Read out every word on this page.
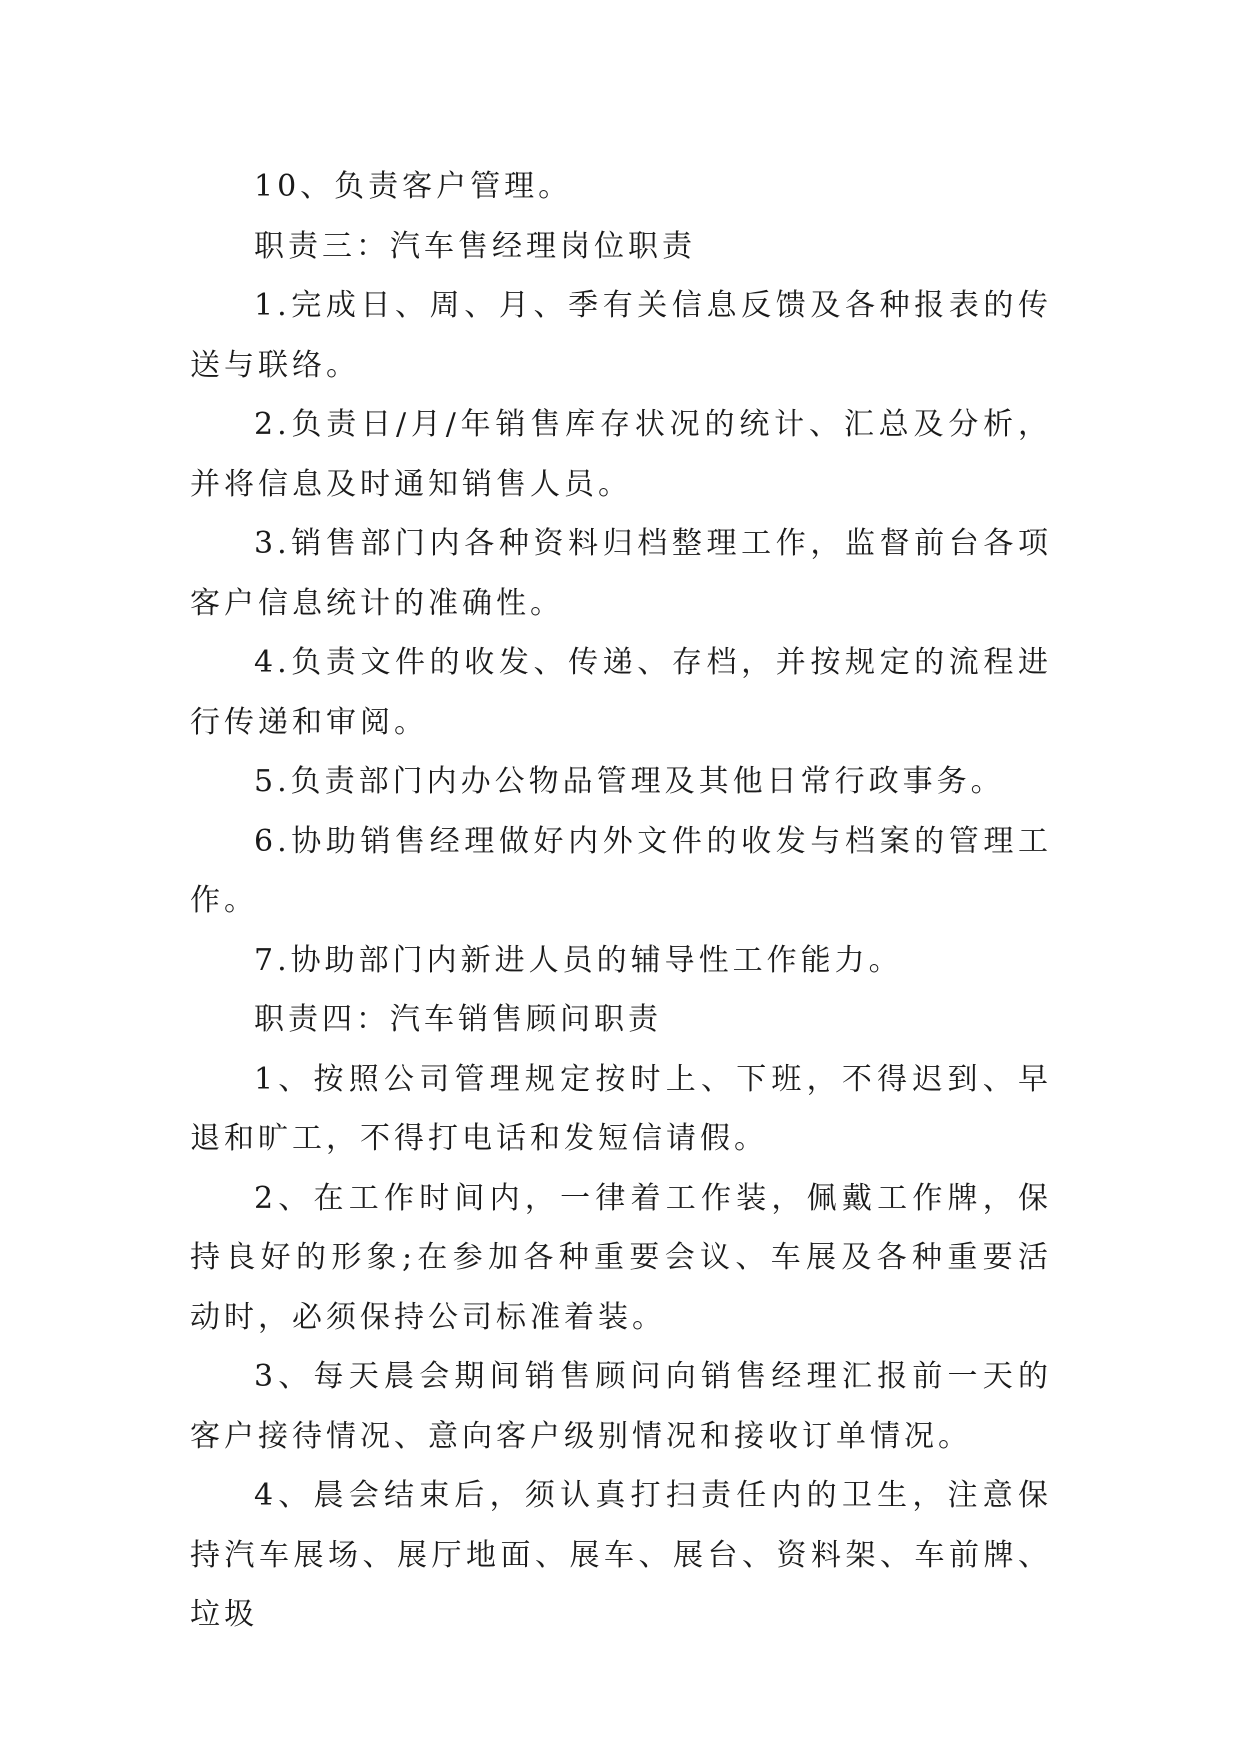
10、负责客户管理。

职责三：汽车售经理岗位职责

1.完成日、周、月、季有关信息反馈及各种报表的传送与联络。

2.负责日/月/年销售库存状况的统计、汇总及分析，并将信息及时通知销售人员。

3.销售部门内各种资料归档整理工作，监督前台各项客户信息统计的准确性。

4.负责文件的收发、传递、存档，并按规定的流程进行传递和审阅。

5.负责部门内办公物品管理及其他日常行政事务。

6.协助销售经理做好内外文件的收发与档案的管理工作。

7.协助部门内新进人员的辅导性工作能力。

职责四：汽车销售顾问职责

1、按照公司管理规定按时上、下班，不得迟到、早退和旷工，不得打电话和发短信请假。

2、在工作时间内，一律着工作装，佩戴工作牌，保持良好的形象;在参加各种重要会议、车展及各种重要活动时，必须保持公司标准着装。

3、每天晨会期间销售顾问向销售经理汇报前一天的客户接待情况、意向客户级别情况和接收订单情况。

4、晨会结束后，须认真打扫责任内的卫生，注意保持汽车展场、展厅地面、展车、展台、资料架、车前牌、垃圾
